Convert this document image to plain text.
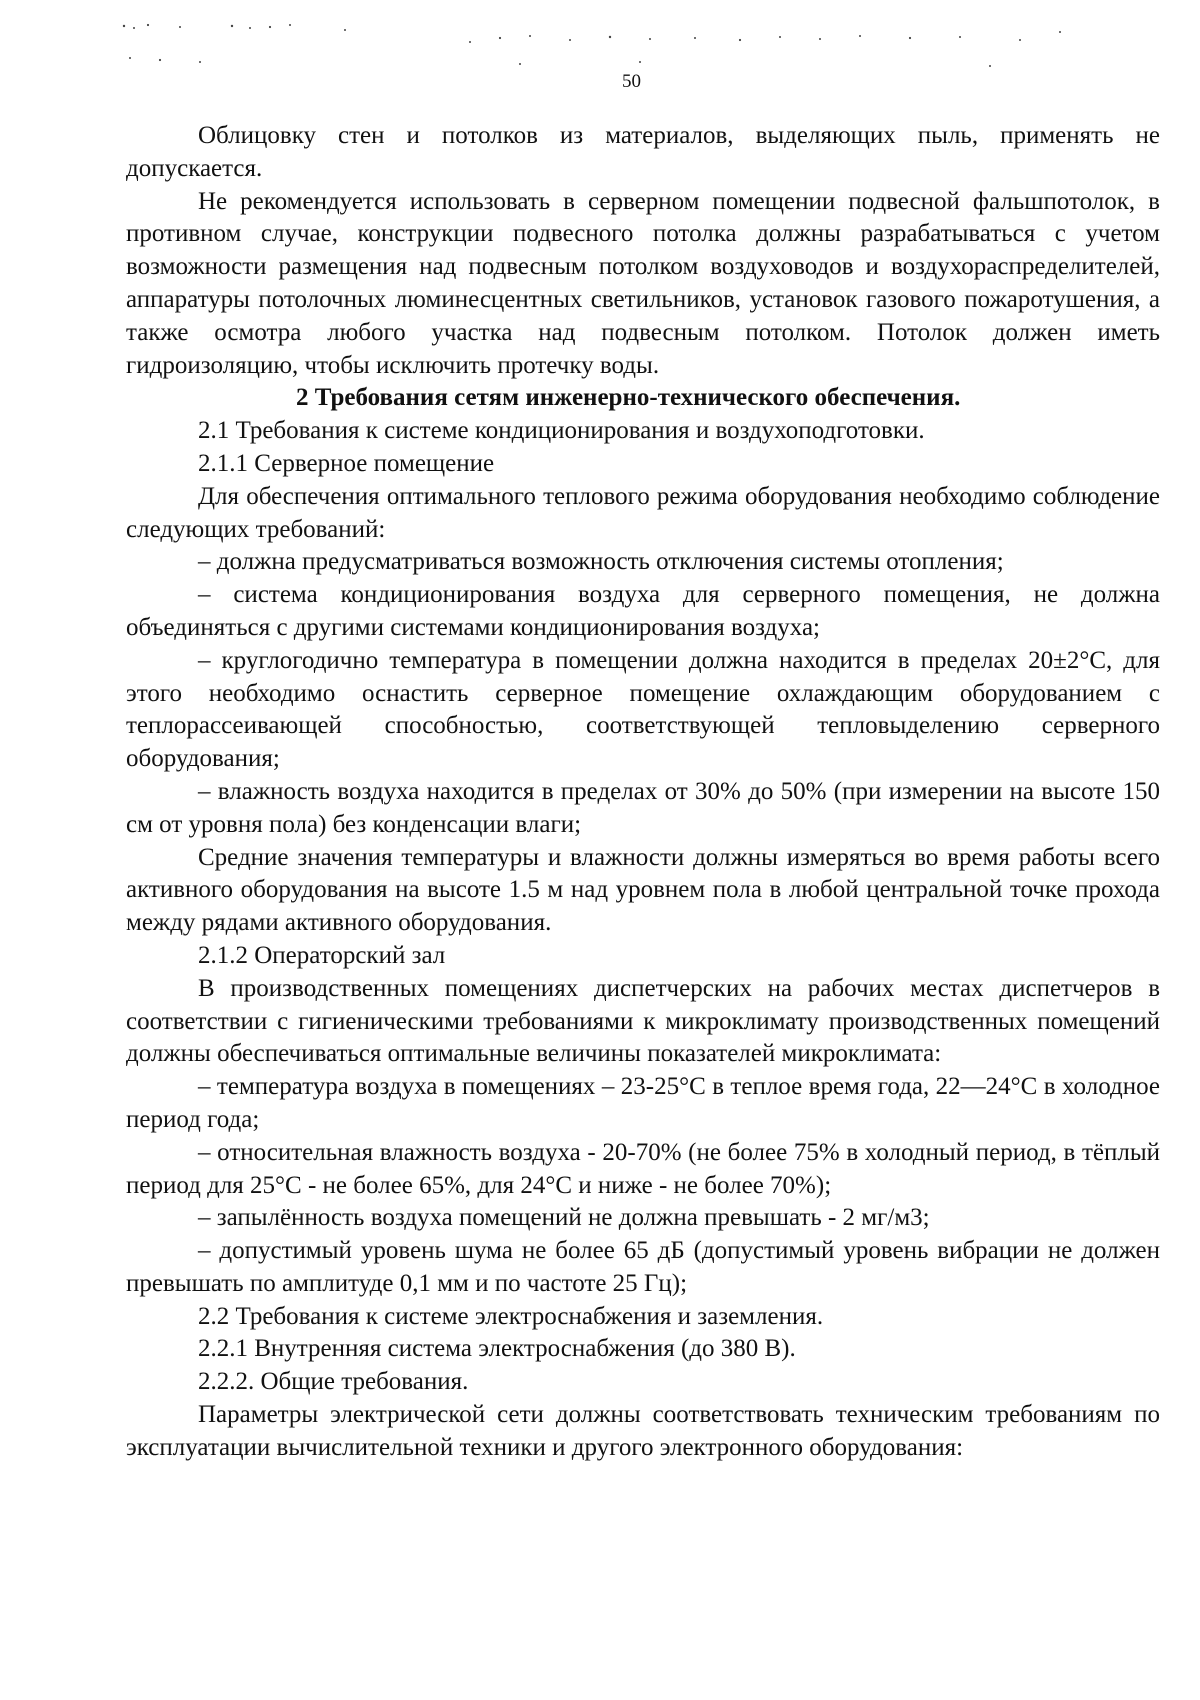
50

Облицовку стен и потолков из материалов, выделяющих пыль, применять не допускается.

Не рекомендуется использовать в серверном помещении подвесной фальшпотолок, в противном случае, конструкции подвесного потолка должны разрабатываться с учетом возможности размещения над подвесным потолком воздуховодов и воздухораспределителей, аппаратуры потолочных люминесцентных светильников, установок газового пожаротушения, а также осмотра любого участка над подвесным потолком. Потолок должен иметь гидроизоляцию, чтобы исключить протечку воды.

2 Требования сетям инженерно-технического обеспечения.

2.1 Требования к системе кондиционирования и воздухоподготовки.

2.1.1 Серверное помещение

Для обеспечения оптимального теплового режима оборудования необходимо соблюдение следующих требований:

– должна предусматриваться возможность отключения системы отопления;

– система кондиционирования воздуха для серверного помещения, не должна объединяться с другими системами кондиционирования воздуха;

– круглогодично температура в помещении должна находится в пределах 20±2°С, для этого необходимо оснастить серверное помещение охлаждающим оборудованием с теплорассеивающей способностью, соответствующей тепловыделению серверного оборудования;

– влажность воздуха находится в пределах от 30% до 50% (при измерении на высоте 150 см от уровня пола) без конденсации влаги;

Средние значения температуры и влажности должны измеряться во время работы всего активного оборудования на высоте 1.5 м над уровнем пола в любой центральной точке прохода между рядами активного оборудования.

2.1.2 Операторский зал

В производственных помещениях диспетчерских на рабочих местах диспетчеров в соответствии с гигиеническими требованиями к микроклимату производственных помещений должны обеспечиваться оптимальные величины показателей микроклимата:

– температура воздуха в помещениях – 23-25°С в теплое время года, 22—24°С в холодное период года;

– относительная влажность воздуха - 20-70% (не более 75% в холодный период, в тёплый период для 25°С - не более 65%, для 24°С и ниже - не более 70%);

– запылённость воздуха помещений не должна превышать - 2 мг/м3;

– допустимый уровень шума не более 65 дБ (допустимый уровень вибрации не должен превышать по амплитуде 0,1 мм и по частоте 25 Гц);

2.2 Требования к системе электроснабжения и заземления.

2.2.1 Внутренняя система электроснабжения (до 380 В).

2.2.2. Общие требования.

Параметры электрической сети должны соответствовать техническим требованиям по эксплуатации вычислительной техники и другого электронного оборудования:
